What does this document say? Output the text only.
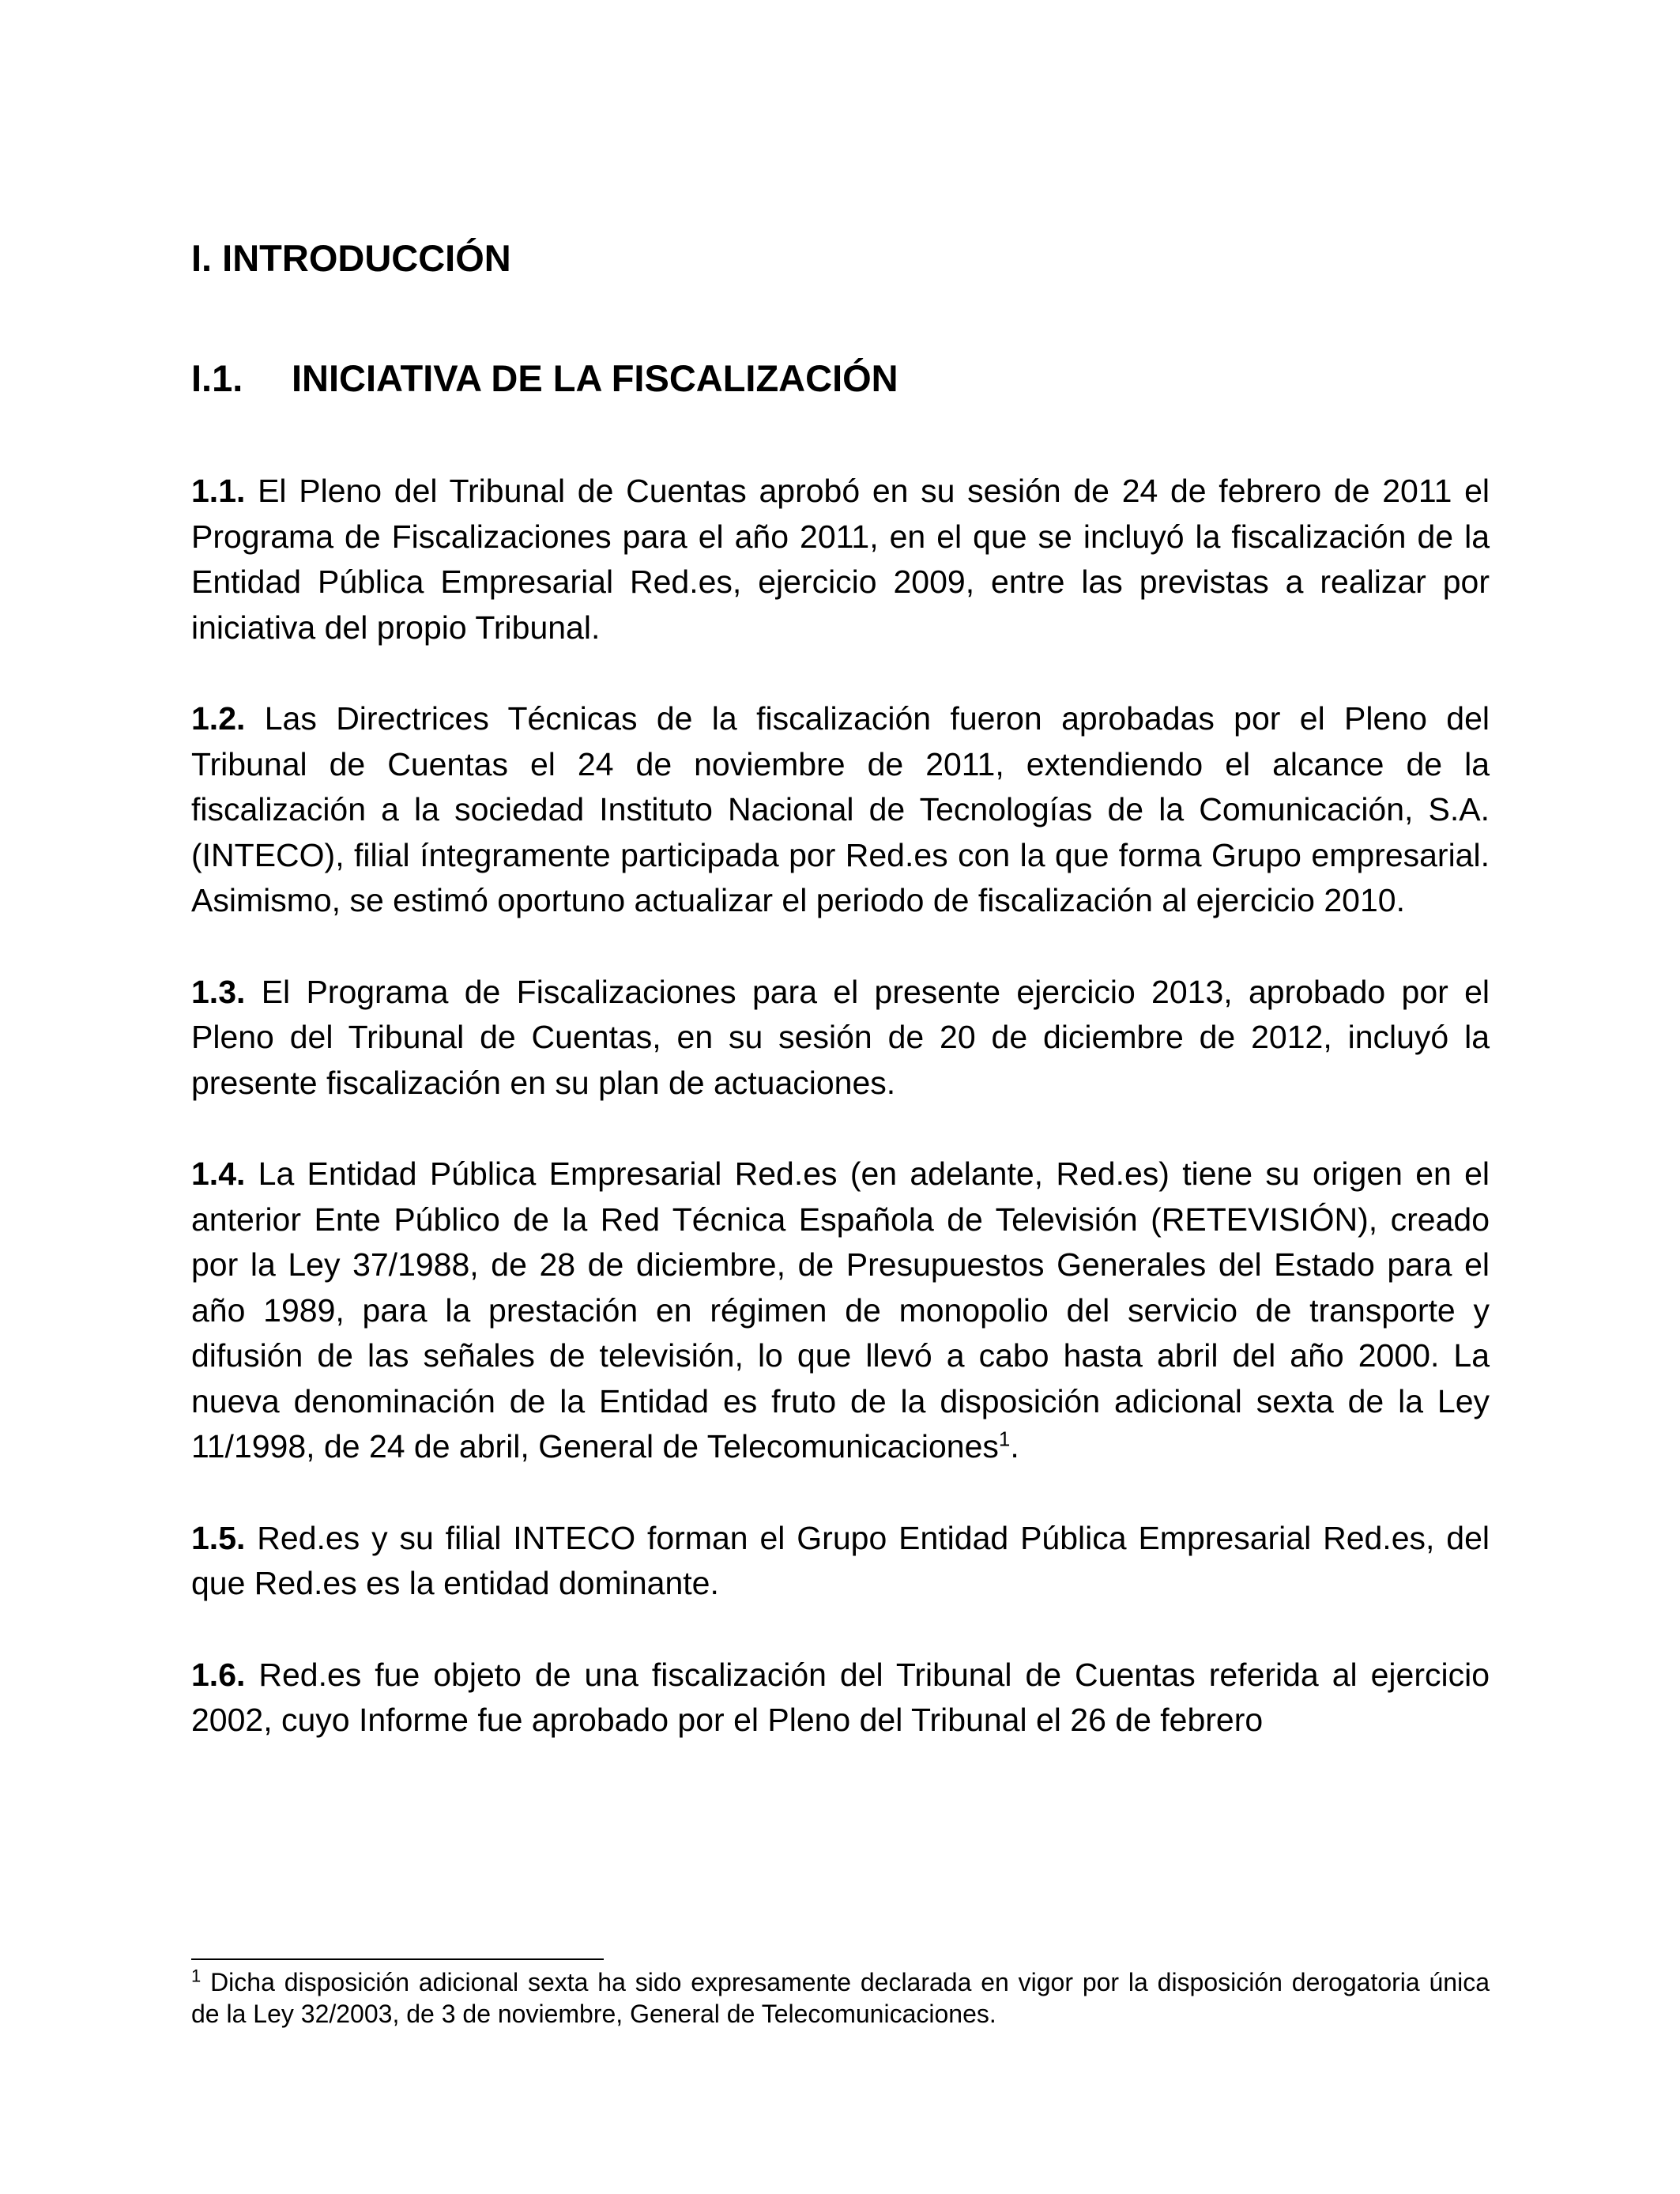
I. INTRODUCCIÓN
I.1.	INICIATIVA DE LA FISCALIZACIÓN

1.1. El Pleno del Tribunal de Cuentas aprobó en su sesión de 24 de febrero de 2011 el Programa de Fiscalizaciones para el año 2011, en el que se incluyó la fiscalización de la Entidad Pública Empresarial Red.es, ejercicio 2009, entre las previstas a realizar por iniciativa del propio Tribunal.

1.2. Las Directrices Técnicas de la fiscalización fueron aprobadas por el Pleno del Tribunal de Cuentas el 24 de noviembre de 2011, extendiendo el alcance de la fiscalización a la sociedad Instituto Nacional de Tecnologías de la Comunicación, S.A. (INTECO), filial íntegramente participada por Red.es con la que forma Grupo empresarial. Asimismo, se estimó oportuno actualizar el periodo de fiscalización al ejercicio 2010.

1.3. El Programa de Fiscalizaciones para el presente ejercicio 2013, aprobado por el Pleno del Tribunal de Cuentas, en su sesión de 20 de diciembre de 2012, incluyó la presente fiscalización en su plan de actuaciones.

1.4. La Entidad Pública Empresarial Red.es (en adelante, Red.es) tiene su origen en el anterior Ente Público de la Red Técnica Española de Televisión (RETEVISIÓN), creado por la Ley 37/1988, de 28 de diciembre, de Presupuestos Generales del Estado para el año 1989, para la prestación en régimen de monopolio del servicio de transporte y difusión de las señales de televisión, lo que llevó a cabo hasta abril del año 2000. La nueva denominación de la Entidad es fruto de la disposición adicional sexta de la Ley 11/1998, de 24 de abril, General de Telecomunicaciones$^1$.

1.5. Red.es y su filial INTECO forman el Grupo Entidad Pública Empresarial Red.es, del que Red.es es la entidad dominante.

1.6. Red.es fue objeto de una fiscalización del Tribunal de Cuentas referida al ejercicio 2002, cuyo Informe fue aprobado por el Pleno del Tribunal el 26 de febrero

$^1$ Dicha disposición adicional sexta ha sido expresamente declarada en vigor por la disposición derogatoria única de la Ley 32/2003, de 3 de noviembre, General de Telecomunicaciones.
